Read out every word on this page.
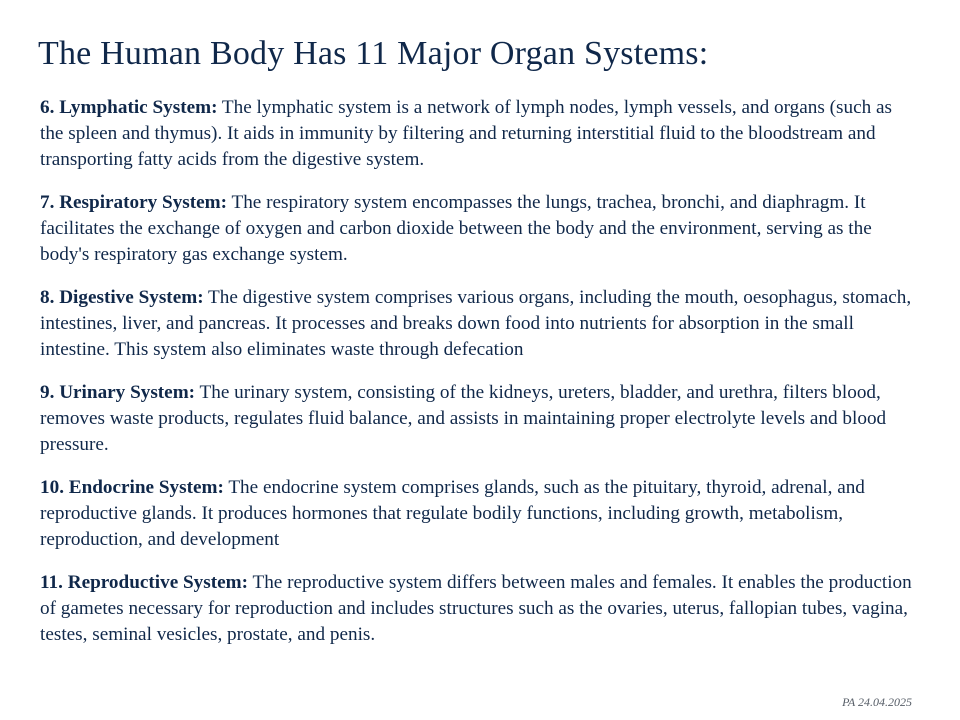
The Human Body Has 11 Major Organ Systems:

6. Lymphatic System: The lymphatic system is a network of lymph nodes, lymph vessels, and organs (such as the spleen and thymus). It aids in immunity by filtering and returning interstitial fluid to the bloodstream and transporting fatty acids from the digestive system.

7. Respiratory System: The respiratory system encompasses the lungs, trachea, bronchi, and diaphragm. It facilitates the exchange of oxygen and carbon dioxide between the body and the environment, serving as the body's respiratory gas exchange system.

8. Digestive System: The digestive system comprises various organs, including the mouth, oesophagus, stomach, intestines, liver, and pancreas. It processes and breaks down food into nutrients for absorption in the small intestine. This system also eliminates waste through defecation

9. Urinary System: The urinary system, consisting of the kidneys, ureters, bladder, and urethra, filters blood, removes waste products, regulates fluid balance, and assists in maintaining proper electrolyte levels and blood pressure.

10. Endocrine System: The endocrine system comprises glands, such as the pituitary, thyroid, adrenal, and reproductive glands. It produces hormones that regulate bodily functions, including growth, metabolism, reproduction, and development

11. Reproductive System: The reproductive system differs between males and females. It enables the production of gametes necessary for reproduction and includes structures such as the ovaries, uterus, fallopian tubes, vagina, testes, seminal vesicles, prostate, and penis.

PA 24.04.2025
